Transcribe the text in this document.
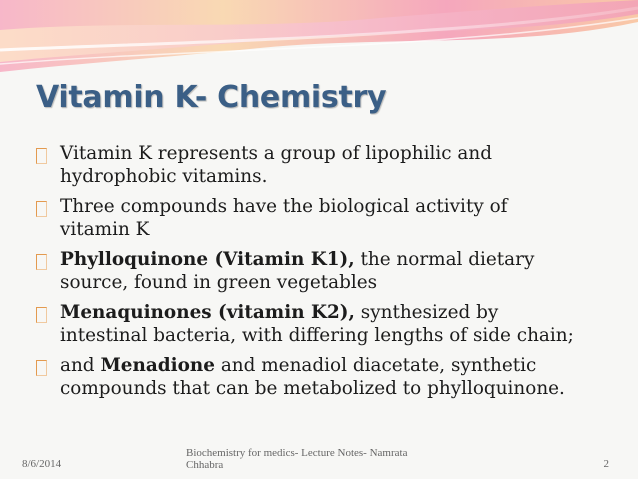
Vitamin K- Chemistry
Vitamin K represents a group of lipophilic and
hydrophobic vitamins.
Three compounds have the biological activity of
vitamin K
Phylloquinone (Vitamin K1), the normal dietary
source, found in green vegetables
Menaquinones (vitamin K2), synthesized by
intestinal bacteria, with differing lengths of side chain;
and Menadione and menadiol diacetate, synthetic
compounds that can be metabolized to phylloquinone.
8/6/2014
Biochemistry for medics- Lecture Notes- Namrata
Chhabra	2
